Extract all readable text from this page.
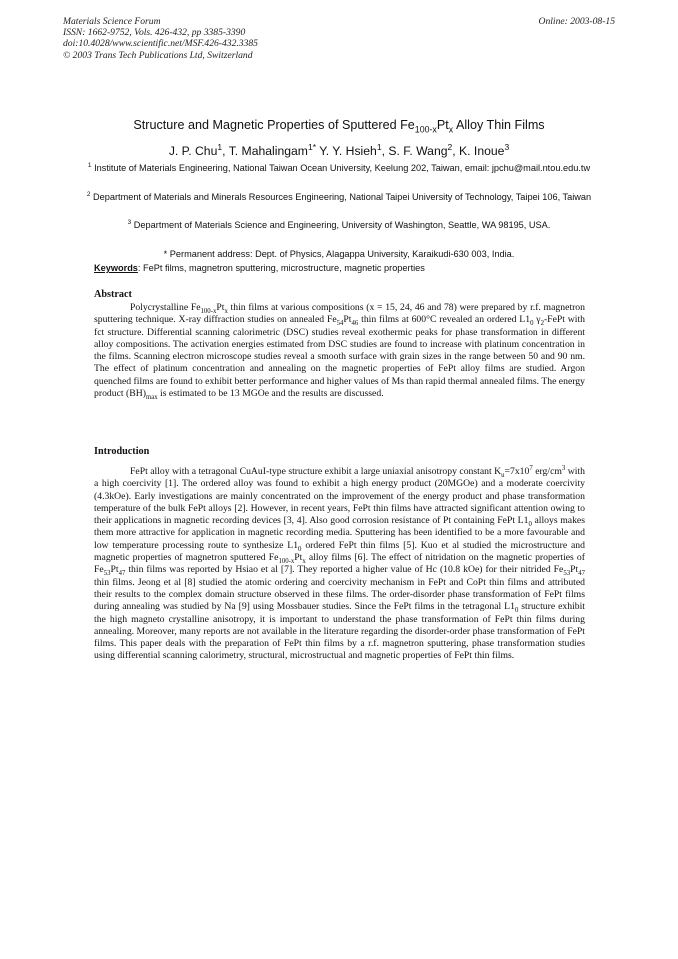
Materials Science Forum
ISSN: 1662-9752, Vols. 426-432, pp 3385-3390
doi:10.4028/www.scientific.net/MSF.426-432.3385
© 2003 Trans Tech Publications Ltd, Switzerland
Online: 2003-08-15
Structure and Magnetic Properties of Sputtered $Fe_{100-x}Pt_x$ Alloy Thin Films
J. P. Chu$^1$, T. Mahalingam$^{1*}$ Y. Y. Hsieh$^1$, S. F. Wang$^2$, K. Inoue$^3$
$^1$ Institute of Materials Engineering, National Taiwan Ocean University, Keelung 202, Taiwan, email: jpchu@mail.ntou.edu.tw
$^2$ Department of Materials and Minerals Resources Engineering, National Taipei University of Technology, Taipei 106, Taiwan
$^3$ Department of Materials Science and Engineering, University of Washington, Seattle, WA 98195, USA.
* Permanent address: Dept. of Physics, Alagappa University, Karaikudi-630 003, India.
Keywords: FePt films, magnetron sputtering, microstructure, magnetic properties
Abstract

Polycrystalline $Fe_{100-x}Pt_x$ thin films at various compositions (x = 15, 24, 46 and 78) were prepared by r.f. magnetron sputtering technique. X-ray diffraction studies on annealed $Fe_{54}Pt_{46}$ thin films at 600°C revealed an ordered $L1_0$ $\gamma_2$-FePt with fct structure. Differential scanning calorimetric (DSC) studies reveal exothermic peaks for phase transformation in different alloy compositions. The activation energies estimated from DSC studies are found to increase with platinum concentration in the films. Scanning electron microscope studies reveal a smooth surface with grain sizes in the range between 50 and 90 nm. The effect of platinum concentration and annealing on the magnetic properties of FePt alloy films are studied. Argon quenched films are found to exhibit better performance and higher values of Ms than rapid thermal annealed films. The energy product $(BH)_{max}$ is estimated to be 13 MGOe and the results are discussed.

Introduction

FePt alloy with a tetragonal CuAuI-type structure exhibit a large uniaxial anisotropy constant $K_u=7x10^7$ erg/$cm^3$ with a high coercivity [1]. The ordered alloy was found to exhibit a high energy product (20MGOe) and a moderate coercivity (4.3kOe). Early investigations are mainly concentrated on the improvement of the energy product and phase transformation temperature of the bulk FePt alloys [2]. However, in recent years, FePt thin films have attracted significant attention owing to their applications in magnetic recording devices [3, 4]. Also good corrosion resistance of Pt containing FePt $L1_0$ alloys makes them more attractive for application in magnetic recording media. Sputtering has been identified to be a more favourable and low temperature processing route to synthesize $L1_0$ ordered FePt thin films [5]. Kuo et al studied the microstructure and magnetic properties of magnetron sputtered $Fe_{100-x}Pt_x$ alloy films [6]. The effect of nitridation on the magnetic properties of $Fe_{53}Pt_{47}$ thin films was reported by Hsiao et al [7]. They reported a higher value of Hc (10.8 kOe) for their nitrided $Fe_{53}Pt_{47}$ thin films. Jeong et al [8] studied the atomic ordering and coercivity mechanism in FePt and CoPt thin films and attributed their results to the complex domain structure observed in these films. The order-disorder phase transformation of FePt films during annealing was studied by Na [9] using Mossbauer studies. Since the FePt films in the tetragonal $L1_0$ structure exhibit the high magneto crystalline anisotropy, it is important to understand the phase transformation of FePt thin films during annealing. Moreover, many reports are not available in the literature regarding the disorder-order phase transformation of FePt films. This paper deals with the preparation of FePt thin films by a r.f. magnetron sputtering, phase transformation studies using differential scanning calorimetry, structural, microstructual and magnetic properties of FePt thin films.
